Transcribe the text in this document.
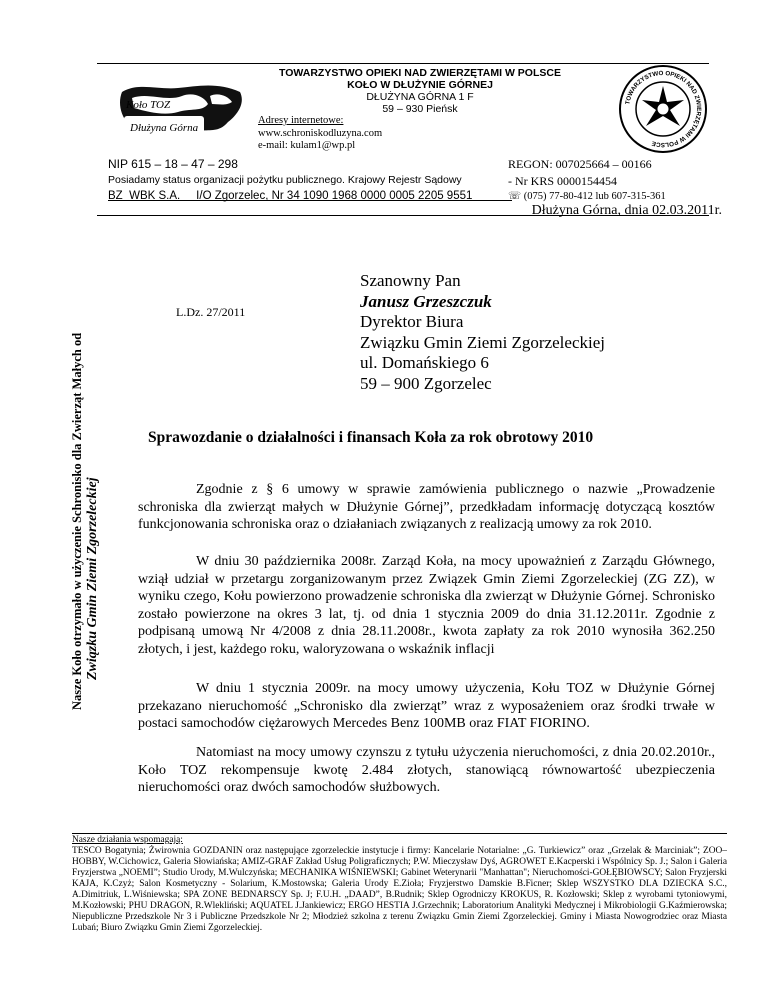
TOWARZYSTWO OPIEKI NAD ZWIERZĘTAMI W POLSCE
KOŁO W DŁUŻYNIE GÓRNEJ
DŁUŻYNA GÓRNA 1 F
59 – 930 Pieńsk
Koło TOZ
Dłużyna Górna
Adresy internetowe:
www.schroniskodluzyna.com
e-mail: kulam1@wp.pl
TOWARZYSTWO OPIEKI NAD ZWIERZĘTAMI W POLSCE
NIP 615 – 18 – 47 – 298
Posiadamy status organizacji pożytku publicznego. Krajowy Rejestr Sądowy
BZ  WBK S.A.     I/O Zgorzelec, Nr 34 1090 1968 0000 0005 2205 9551
REGON: 007025664 – 00166
- Nr KRS 0000154454
☏ (075) 77-80-412 lub 607-315-361
Dłużyna Górna, dnia 02.03.2011r.
Nasze Koło otrzymało w użyczenie Schronisko dla Zwierząt Małych od Związku Gmin Ziemi Zgorzeleckiej
L.Dz. 27/2011
Szanowny Pan
Janusz Grzeszczuk
Dyrektor Biura
Związku Gmin Ziemi Zgorzeleckiej
ul. Domańskiego 6
59 – 900 Zgorzelec
Sprawozdanie o działalności i finansach Koła za rok obrotowy 2010
Zgodnie z § 6 umowy w sprawie zamówienia publicznego o nazwie „Prowadzenie schroniska dla zwierząt małych w Dłużynie Górnej”, przedkładam informację dotyczącą kosztów funkcjonowania schroniska oraz o działaniach związanych z realizacją umowy za rok 2010.
W dniu 30 października 2008r. Zarząd Koła, na mocy upoważnień z Zarządu Głównego, wziął udział w przetargu zorganizowanym przez Związek Gmin Ziemi Zgorzeleckiej (ZG ZZ), w wyniku czego, Kołu powierzono prowadzenie schroniska dla zwierząt w Dłużynie Górnej. Schronisko zostało powierzone na okres 3 lat, tj. od dnia 1 stycznia 2009 do dnia 31.12.2011r. Zgodnie z podpisaną umową Nr 4/2008 z dnia 28.11.2008r., kwota zapłaty za rok 2010 wynosiła 362.250 złotych, i jest, każdego roku, waloryzowana o wskaźnik inflacji
W dniu 1 stycznia 2009r. na mocy umowy użyczenia, Kołu TOZ w Dłużynie Górnej przekazano nieruchomość „Schronisko dla zwierząt” wraz z wyposażeniem oraz środki trwałe w postaci samochodów ciężarowych Mercedes Benz 100MB oraz FIAT FIORINO.
Natomiast na mocy umowy czynszu z tytułu użyczenia nieruchomości, z dnia 20.02.2010r., Koło TOZ rekompensuje kwotę 2.484 złotych, stanowiącą równowartość ubezpieczenia nieruchomości oraz dwóch samochodów służbowych.
Nasze działania wspomagają:
TESCO Bogatynia; Żwirownia GOZDANIN oraz następujące zgorzeleckie instytucje i firmy: Kancelarie Notarialne: „G. Turkiewicz” oraz „Grzelak & Marciniak”; ZOO–HOBBY, W.Cichowicz, Galeria Słowiańska; AMIZ-GRAF Zakład Usług Poligraficznych; P.W. Mieczysław Dyś, AGROWET E.Kacperski i Wspólnicy Sp. J.; Salon i Galeria Fryzjerstwa „NOEMI”; Studio Urody, M.Wulczyńska; MECHANIKA WIŚNIEWSKI; Gabinet Weterynarii "Manhattan"; Nieruchomości-GOŁĘBIOWSCY; Salon Fryzjerski KAJA, K.Czyż; Salon Kosmetyczny - Solarium, K.Mostowska; Galeria Urody E.Zioła; Fryzjerstwo Damskie B.Ficner; Sklep WSZYSTKO DLA DZIECKA S.C., A.Dimitriuk, L.Wiśniewska; SPA ZONE BEDNARSCY Sp. J; F.U.H. „DAAD”, B.Rudnik; Sklep Ogrodniczy KROKUS, R. Kozłowski; Sklep z wyrobami tytoniowymi, M.Kozłowski; PHU DRAGON, R.Wlekliński; AQUATEL J.Jankiewicz; ERGO HESTIA J.Grzechnik; Laboratorium Analityki Medycznej i Mikrobiologii G.Kaźmierowska; Niepubliczne Przedszkole Nr 3 i Publiczne Przedszkole Nr 2; Młodzież szkolna z terenu Związku Gmin Ziemi Zgorzeleckiej. Gminy i Miasta Nowogrodziec oraz Miasta Lubań; Biuro Związku Gmin Ziemi Zgorzeleckiej.
